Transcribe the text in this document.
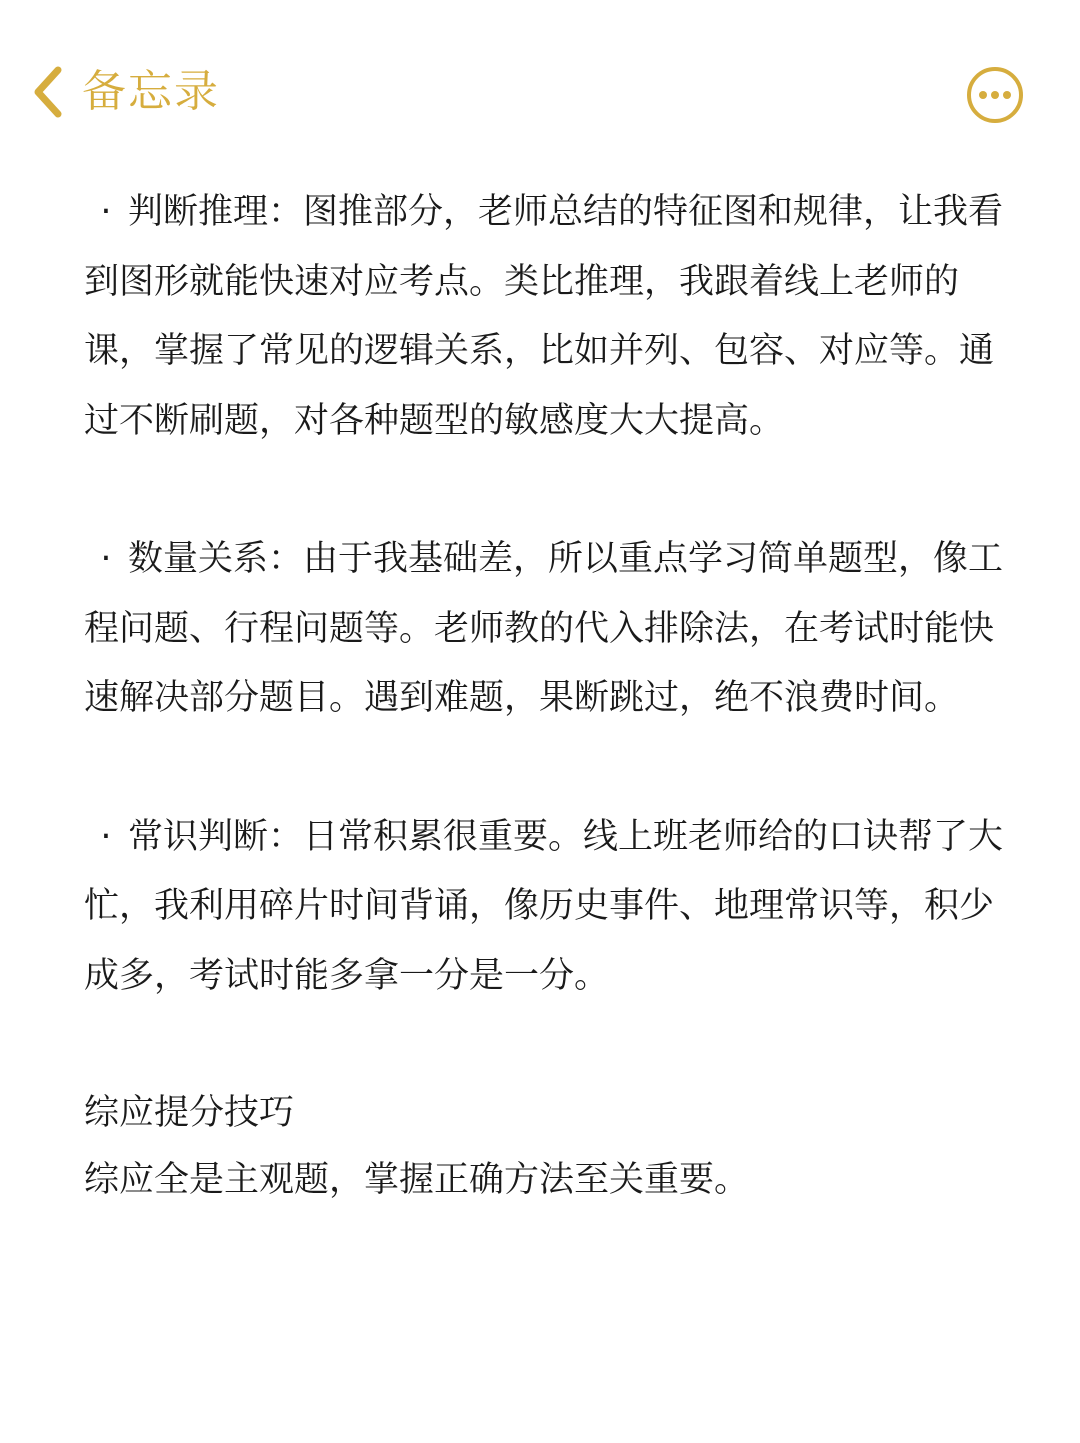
备忘录

· 判断推理：图推部分，老师总结的特征图和规律，让我看到图形就能快速对应考点。类比推理，我跟着线上老师的课，掌握了常见的逻辑关系，比如并列、包容、对应等。通过不断刷题，对各种题型的敏感度大大提高。

· 数量关系：由于我基础差，所以重点学习简单题型，像工程问题、行程问题等。老师教的代入排除法，在考试时能快速解决部分题目。遇到难题，果断跳过，绝不浪费时间。

· 常识判断：日常积累很重要。线上班老师给的口诀帮了大忙，我利用碎片时间背诵，像历史事件、地理常识等，积少成多，考试时能多拿一分是一分。

综应提分技巧

综应全是主观题，掌握正确方法至关重要。
